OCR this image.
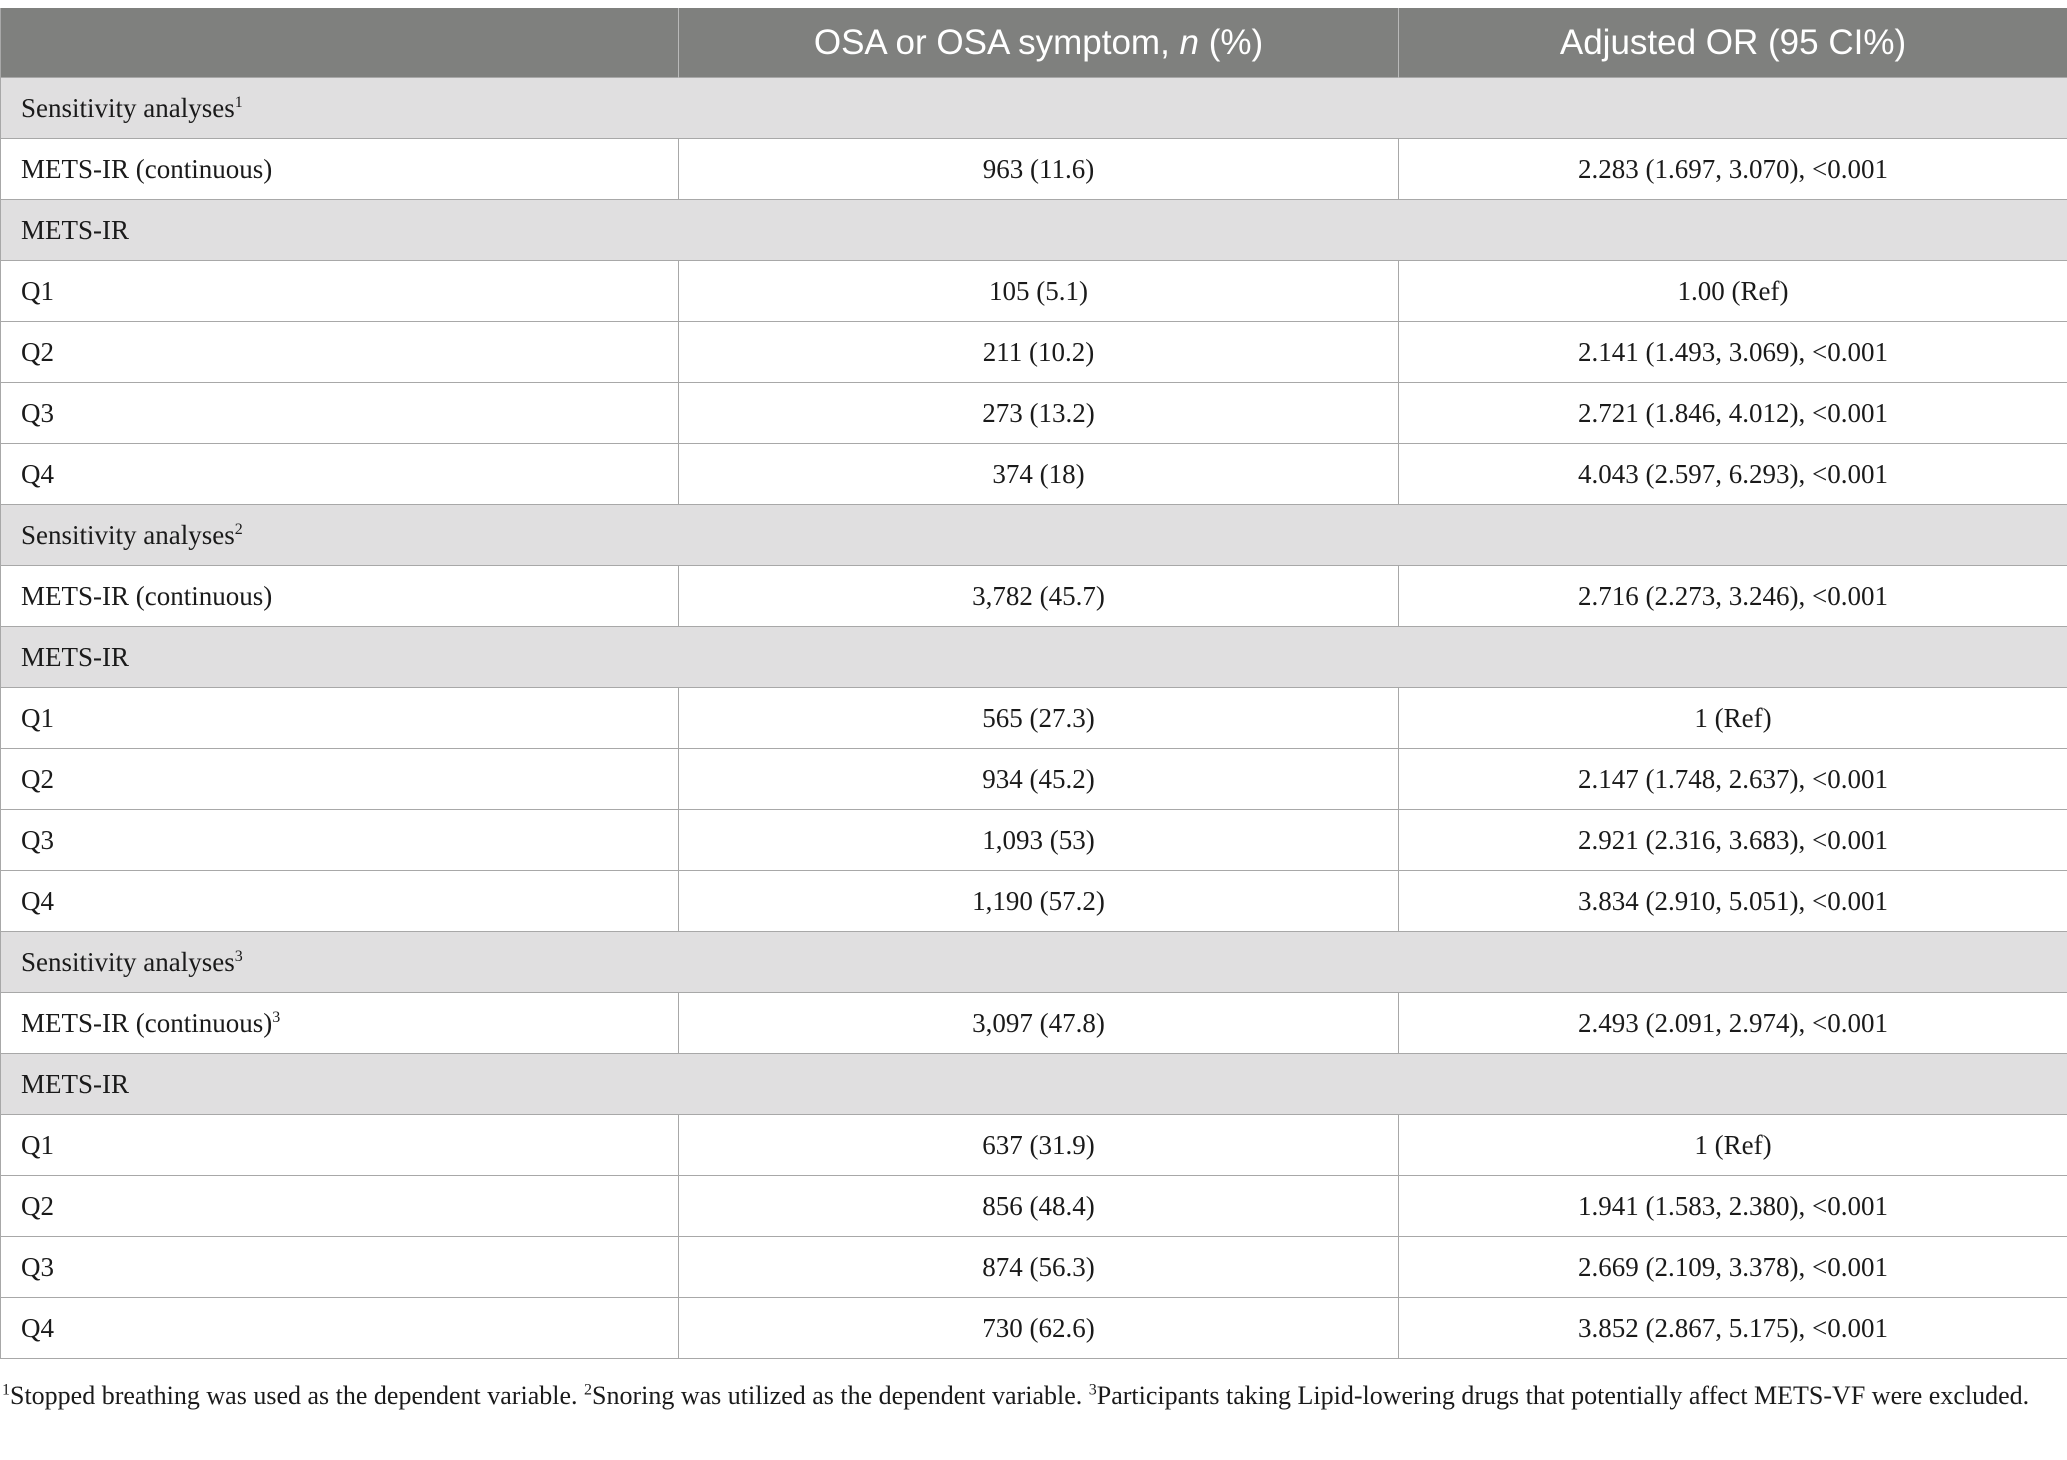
	OSA or OSA symptom, n (%)	Adjusted OR (95 CI%)
Sensitivity analyses$^1$
METS-IR (continuous)	963 (11.6)	2.283 (1.697, 3.070), <0.001
METS-IR		
Q1	105 (5.1)	1.00 (Ref)
Q2	211 (10.2)	2.141 (1.493, 3.069), <0.001
Q3	273 (13.2)	2.721 (1.846, 4.012), <0.001
Q4	374 (18)	4.043 (2.597, 6.293), <0.001
Sensitivity analyses$^2$
METS-IR (continuous)	3,782 (45.7)	2.716 (2.273, 3.246), <0.001
METS-IR		
Q1	565 (27.3)	1 (Ref)
Q2	934 (45.2)	2.147 (1.748, 2.637), <0.001
Q3	1,093 (53)	2.921 (2.316, 3.683), <0.001
Q4	1,190 (57.2)	3.834 (2.910, 5.051), <0.001
Sensitivity analyses$^3$
METS-IR (continuous)$^3$	3,097 (47.8)	2.493 (2.091, 2.974), <0.001
METS-IR		
Q1	637 (31.9)	1 (Ref)
Q2	856 (48.4)	1.941 (1.583, 2.380), <0.001
Q3	874 (56.3)	2.669 (2.109, 3.378), <0.001
Q4	730 (62.6)	3.852 (2.867, 5.175), <0.001
$^1$Stopped breathing was used as the dependent variable. $^2$Snoring was utilized as the dependent variable. $^3$Participants taking Lipid-lowering drugs that potentially affect METS-VF were excluded.
